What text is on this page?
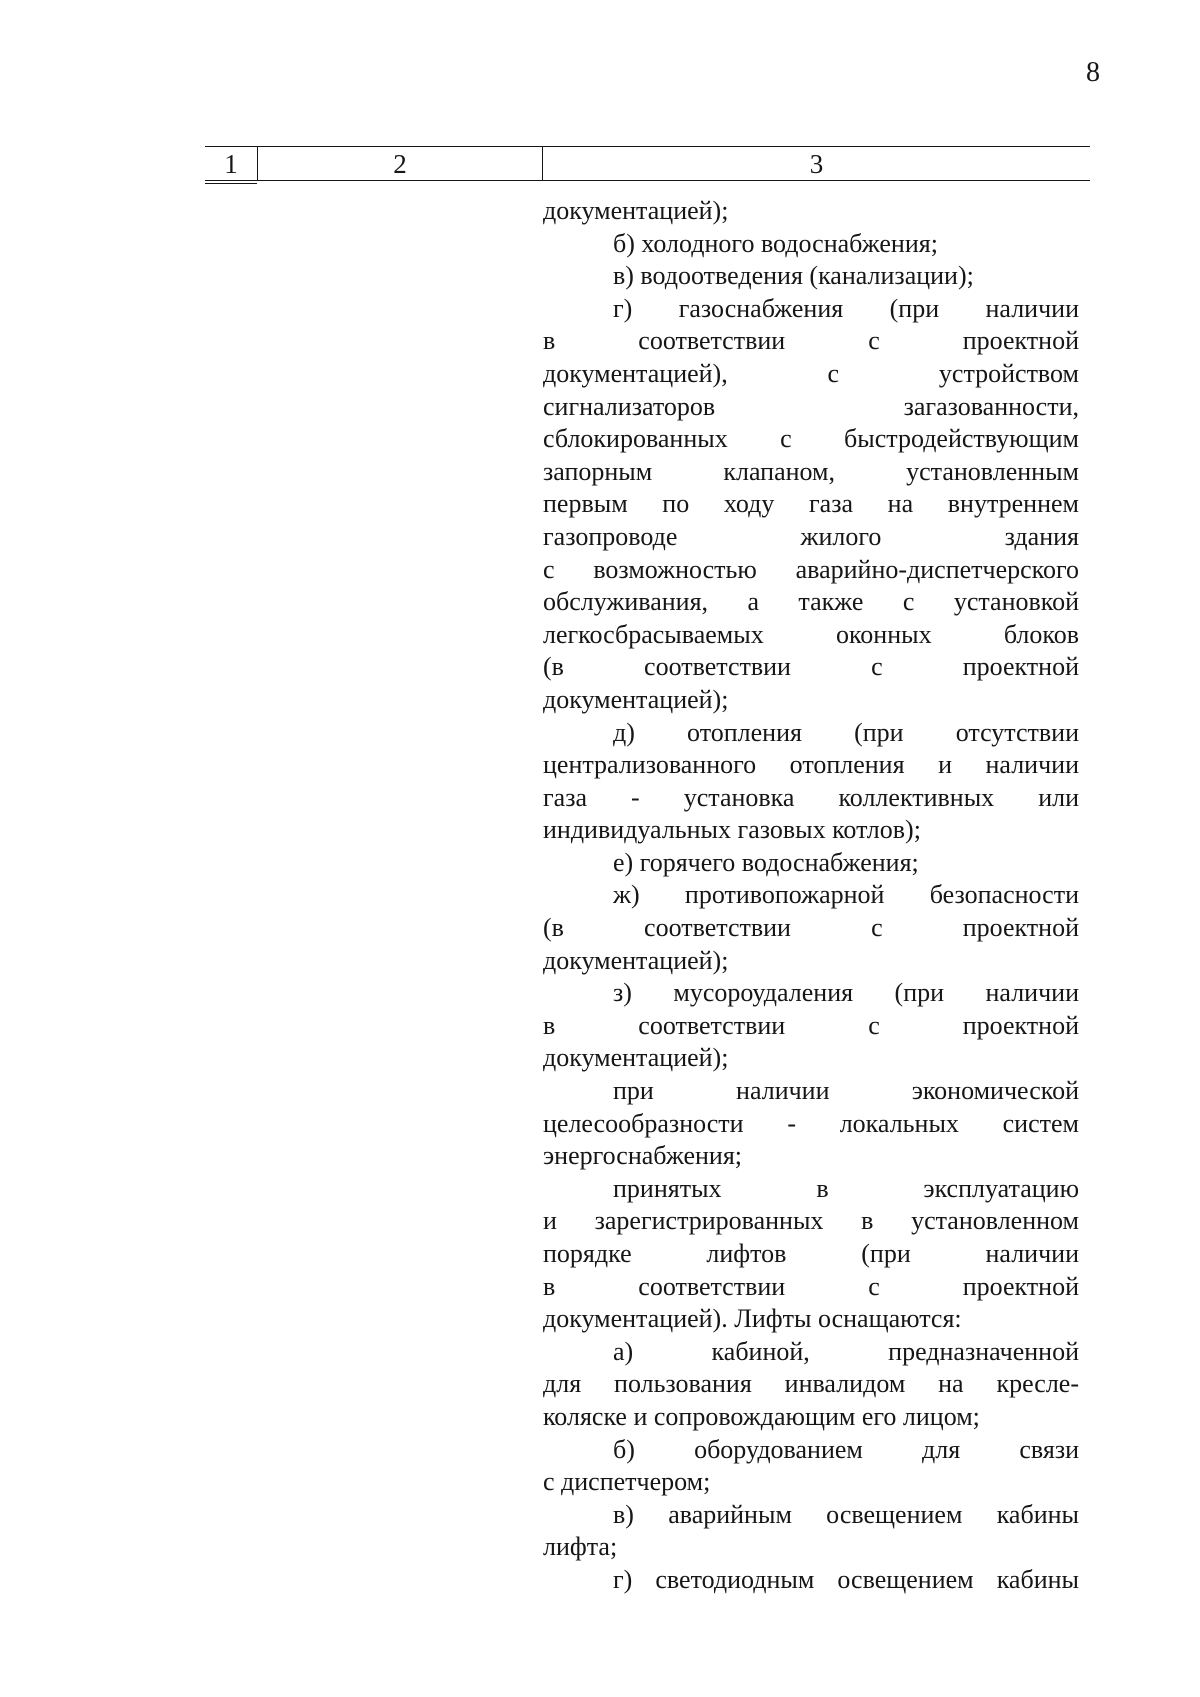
8
1	2	3
документацией);
б) холодного водоснабжения;
в) водоотведения (канализации);
г) газоснабжения (при наличии
в соответствии с проектной
документацией), с устройством
сигнализаторов загазованности,
сблокированных с быстродействующим
запорным клапаном, установленным
первым по ходу газа на внутреннем
газопроводе жилого здания
с возможностью аварийно-диспетчерского
обслуживания, а также с установкой
легкосбрасываемых оконных блоков
(в соответствии с проектной
документацией);
д) отопления (при отсутствии
централизованного отопления и наличии
газа - установка коллективных или
индивидуальных газовых котлов);
е) горячего водоснабжения;
ж) противопожарной безопасности
(в соответствии с проектной
документацией);
з) мусороудаления (при наличии
в соответствии с проектной
документацией);
при наличии экономической
целесообразности - локальных систем
энергоснабжения;
принятых в эксплуатацию
и зарегистрированных в установленном
порядке лифтов (при наличии
в соответствии с проектной
документацией). Лифты оснащаются:
а) кабиной, предназначенной
для пользования инвалидом на кресле-
коляске и сопровождающим его лицом;
б) оборудованием для связи
с диспетчером;
в) аварийным освещением кабины
лифта;
г) светодиодным освещением кабины
